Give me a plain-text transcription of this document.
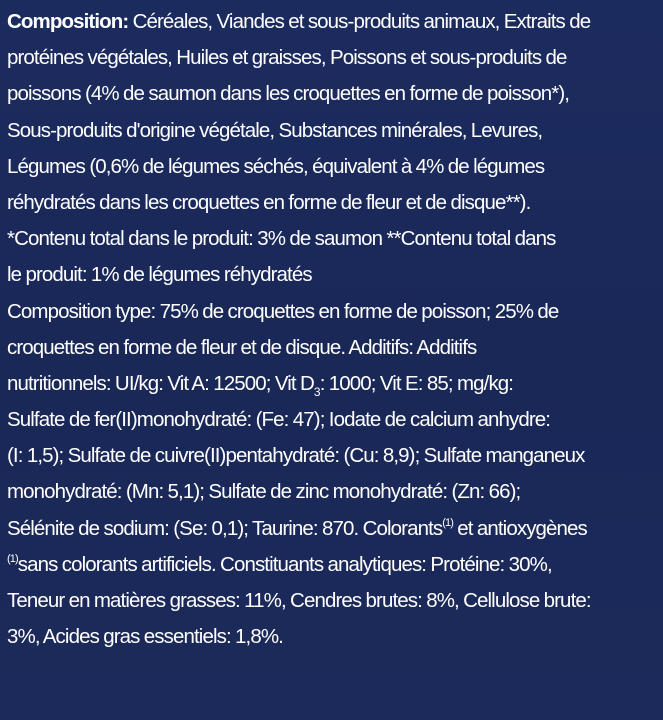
Composition: Céréales, Viandes et sous-produits animaux, Extraits de
protéines végétales, Huiles et graisses, Poissons et sous-produits de
poissons (4% de saumon dans les croquettes en forme de poisson*),
Sous-produits d'origine végétale, Substances minérales, Levures,
Légumes (0,6% de légumes séchés, équivalent à 4% de légumes
réhydratés dans les croquettes en forme de fleur et de disque**).
*Contenu total dans le produit: 3% de saumon **Contenu total dans
le produit: 1% de légumes réhydratés
Composition type: 75% de croquettes en forme de poisson; 25% de
croquettes en forme de fleur et de disque. Additifs: Additifs
nutritionnels: UI/kg: Vit A: 12500; Vit $D_3$: 1000; Vit E: 85; mg/kg:
Sulfate de fer(II)monohydraté: (Fe: 47); Iodate de calcium anhydre:
(I: 1,5); Sulfate de cuivre(II)pentahydraté: (Cu: 8,9); Sulfate manganeux
monohydraté: (Mn: 5,1); Sulfate de zinc monohydraté: (Zn: 66);
Sélénite de sodium: (Se: 0,1); Taurine: 870. Colorants$^{(1)}$ et antioxygènes
$^{(1)}$sans colorants artificiels. Constituants analytiques: Protéine: 30%,
Teneur en matières grasses: 11%, Cendres brutes: 8%, Cellulose brute:
3%, Acides gras essentiels: 1,8%.
